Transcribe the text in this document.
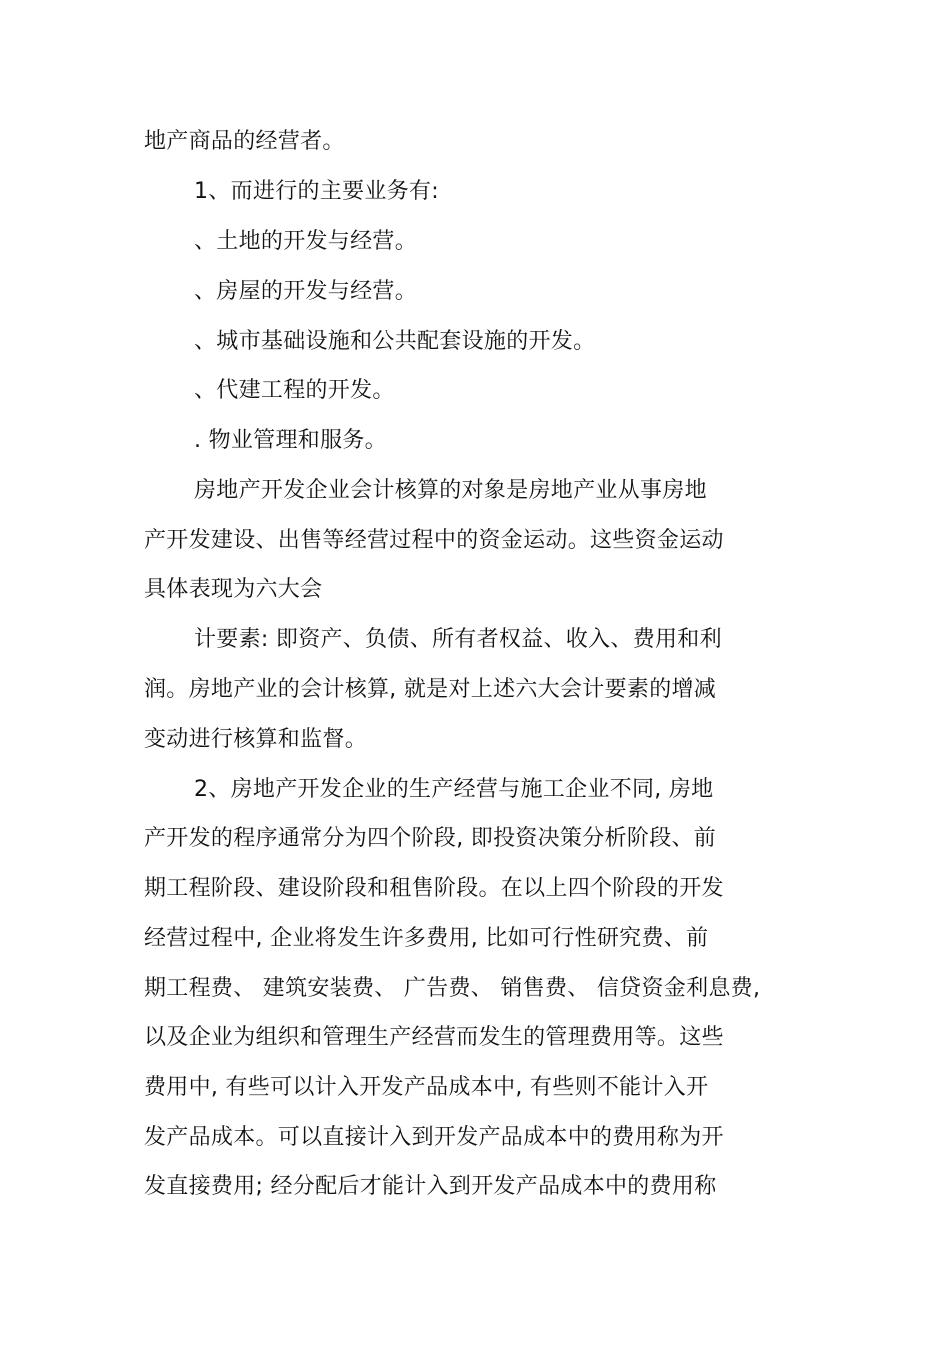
地产商品的经营者。
1、而进行的主要业务有:
、土地的开发与经营。
、房屋的开发与经营。
、城市基础设施和公共配套设施的开发。
、代建工程的开发。
. 物业管理和服务。
房地产开发企业会计核算的对象是房地产业从事房地
产开发建设、出售等经营过程中的资金运动。这些资金运动
具体表现为六大会
计要素: 即资产、负债、所有者权益、收入、费用和利
润。房地产业的会计核算, 就是对上述六大会计要素的增减
变动进行核算和监督。
2、房地产开发企业的生产经营与施工企业不同, 房地
产开发的程序通常分为四个阶段, 即投资决策分析阶段、前
期工程阶段、建设阶段和租售阶段。在以上四个阶段的开发
经营过程中, 企业将发生许多费用, 比如可行性研究费、前
期工程费、 建筑安装费、 广告费、 销售费、 信贷资金利息费,
以及企业为组织和管理生产经营而发生的管理费用等。这些
费用中, 有些可以计入开发产品成本中, 有些则不能计入开
发产品成本。可以直接计入到开发产品成本中的费用称为开
发直接费用; 经分配后才能计入到开发产品成本中的费用称
